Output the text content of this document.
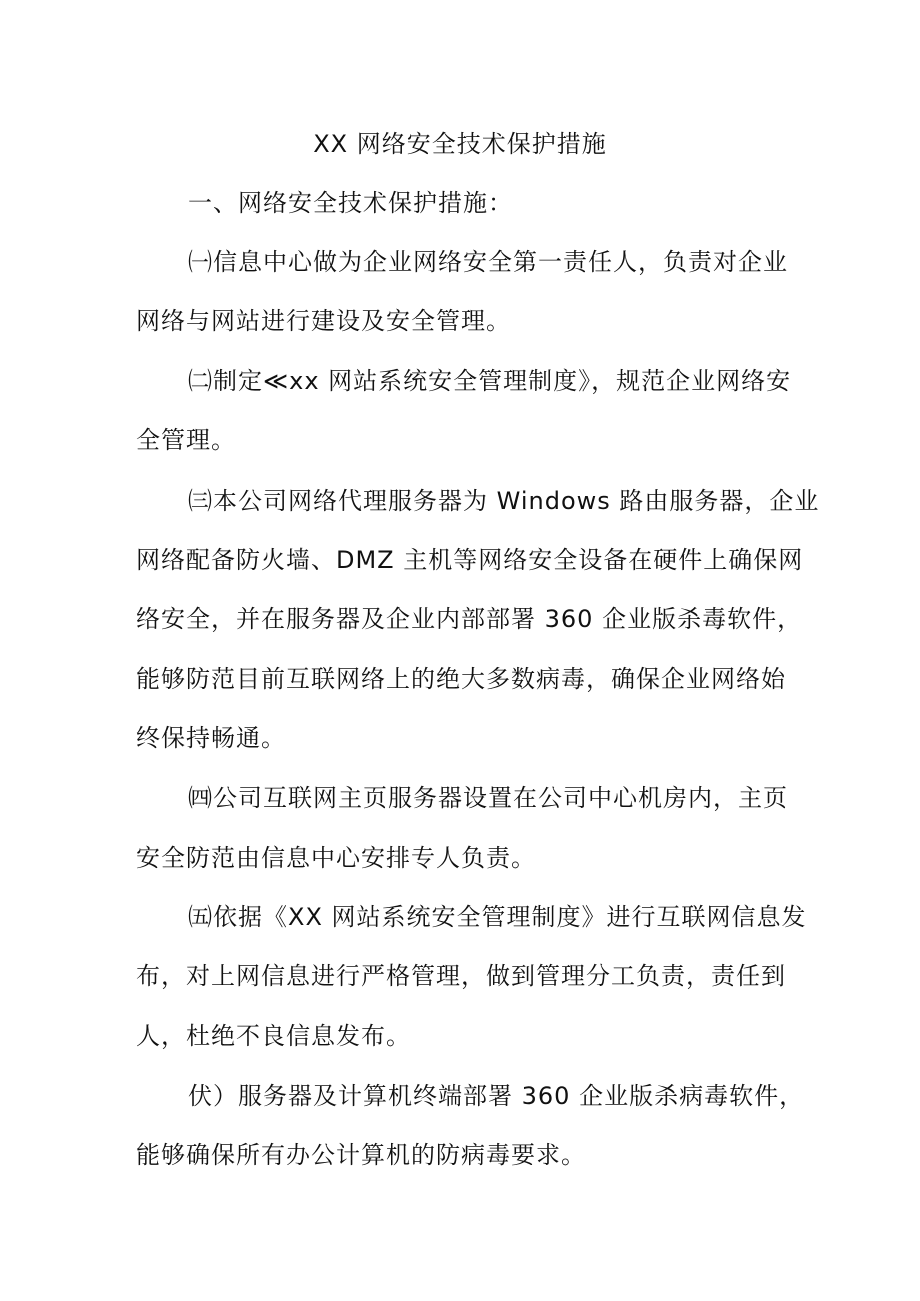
XX 网络安全技术保护措施

一、网络安全技术保护措施：

㈠信息中心做为企业网络安全第一责任人，负责对企业

网络与网站进行建设及安全管理。

㈡制定≪xx 网站系统安全管理制度》，规范企业网络安

全管理。

㈢本公司网络代理服务器为 Windows 路由服务器，企业

网络配备防火墙、DMZ 主机等网络安全设备在硬件上确保网

络安全，并在服务器及企业内部部署 360 企业版杀毒软件，

能够防范目前互联网络上的绝大多数病毒，确保企业网络始

终保持畅通。

㈣公司互联网主页服务器设置在公司中心机房内，主页

安全防范由信息中心安排专人负责。

㈤依据《XX 网站系统安全管理制度》进行互联网信息发

布，对上网信息进行严格管理，做到管理分工负责，责任到

人，杜绝不良信息发布。

伏）服务器及计算机终端部署 360 企业版杀病毒软件，

能够确保所有办公计算机的防病毒要求。
